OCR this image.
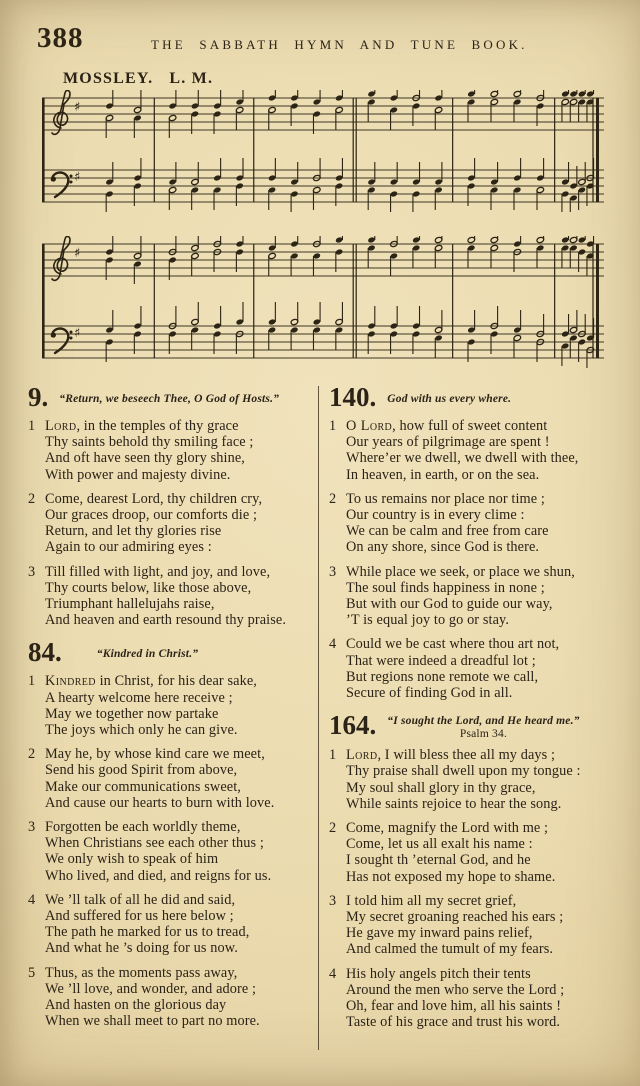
388	THE SABBATH HYMN AND TUNE BOOK.
MOSSLEY. L. M.
♯
♯
♯
♯
9. “Return, we beseech Thee, O God of Hosts.”
1 Lord, in the temples of thy grace
Thy saints behold thy smiling face ;
And oft have seen thy glory shine,
With power and majesty divine.
2 Come, dearest Lord, thy children cry,
Our graces droop, our comforts die ;
Return, and let thy glories rise
Again to our admiring eyes :
3 Till filled with light, and joy, and love,
Thy courts below, like those above,
Triumphant hallelujahs raise,
And heaven and earth resound thy praise.
84.	“Kindred in Christ.”
1 Kindred in Christ, for his dear sake,
A hearty welcome here receive ;
May we together now partake
The joys which only he can give.
2 May he, by whose kind care we meet,
Send his good Spirit from above,
Make our communications sweet,
And cause our hearts to burn with love.
3 Forgotten be each worldly theme,
When Christians see each other thus ;
We only wish to speak of him
Who lived, and died, and reigns for us.
4 We ’ll talk of all he did and said,
And suffered for us here below ;
The path he marked for us to tread,
And what he ’s doing for us now.
5 Thus, as the moments pass away,
We ’ll love, and wonder, and adore ;
And hasten on the glorious day
When we shall meet to part no more.
140. God with us every where.
1 O Lord, how full of sweet content
Our years of pilgrimage are spent !
Where’er we dwell, we dwell with thee,
In heaven, in earth, or on the sea.
2 To us remains nor place nor time ;
Our country is in every clime :
We can be calm and free from care
On any shore, since God is there.
3 While place we seek, or place we shun,
The soul finds happiness in none ;
But with our God to guide our way,
’T is equal joy to go or stay.
4 Could we be cast where thou art not,
That were indeed a dreadful lot ;
But regions none remote we call,
Secure of finding God in all.
164. “I sought the Lord, and He heard me.”
Psalm 34.
1 Lord, I will bless thee all my days ;
Thy praise shall dwell upon my tongue :
My soul shall glory in thy grace,
While saints rejoice to hear the song.
2 Come, magnify the Lord with me ;
Come, let us all exalt his name :
I sought th ’eternal God, and he
Has not exposed my hope to shame.
3 I told him all my secret grief,
My secret groaning reached his ears ;
He gave my inward pains relief,
And calmed the tumult of my fears.
4 His holy angels pitch their tents
Around the men who serve the Lord ;
Oh, fear and love him, all his saints !
Taste of his grace and trust his word.
